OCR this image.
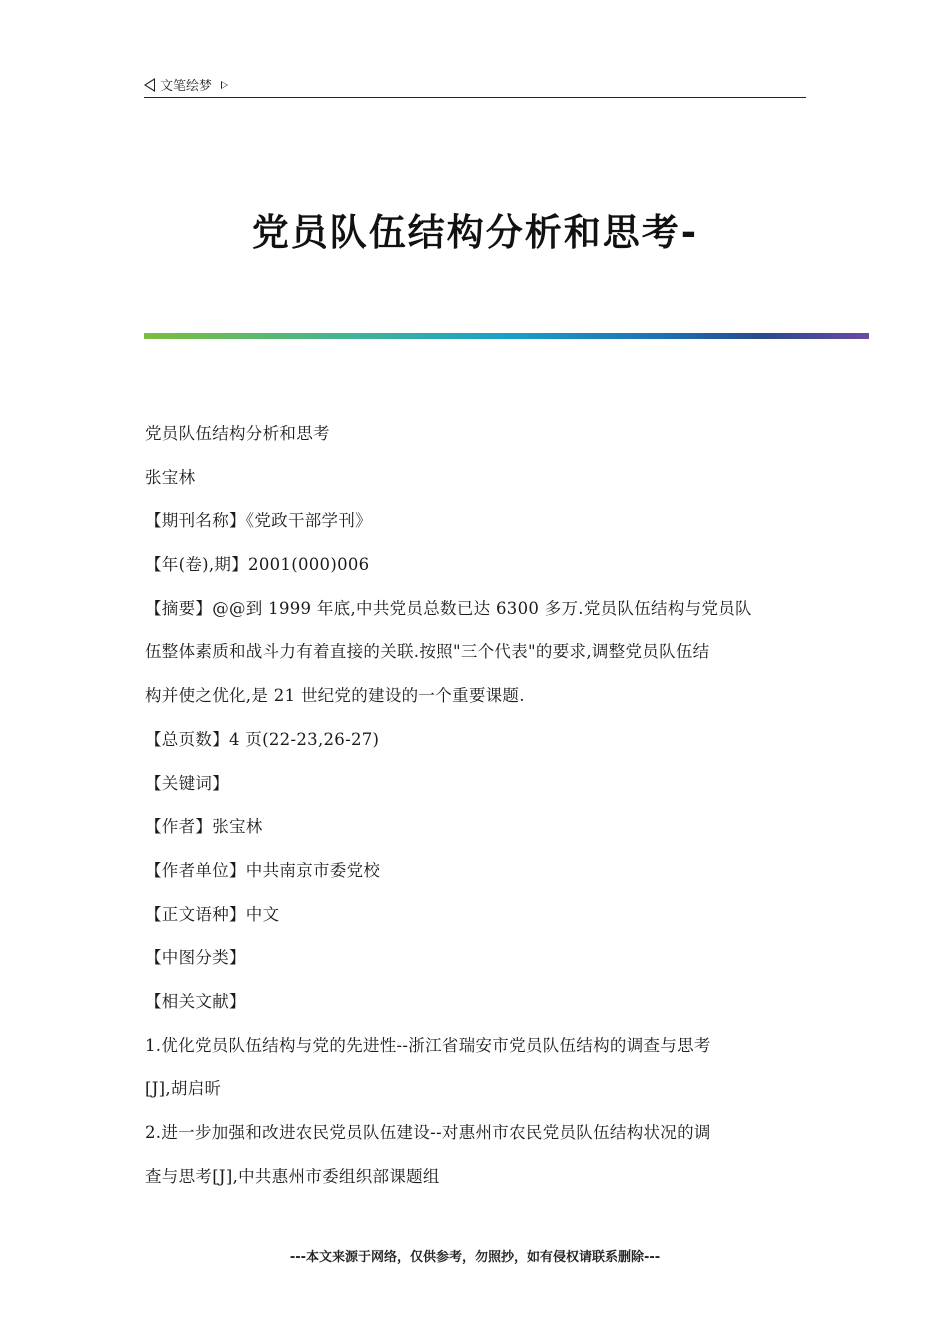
文笔绘梦
党员队伍结构分析和思考-
党员队伍结构分析和思考
张宝林
【期刊名称】《党政干部学刊》
【年(卷),期】2001(000)006
【摘要】@@到 1999 年底,中共党员总数已达 6300 多万.党员队伍结构与党员队
伍整体素质和战斗力有着直接的关联.按照"三个代表"的要求,调整党员队伍结
构并使之优化,是 21 世纪党的建设的一个重要课题.
【总页数】4 页(22-23,26-27)
【关键词】
【作者】张宝林
【作者单位】中共南京市委党校
【正文语种】中文
【中图分类】
【相关文献】
1.优化党员队伍结构与党的先进性--浙江省瑞安市党员队伍结构的调查与思考
[J],胡启昕
2.进一步加强和改进农民党员队伍建设--对惠州市农民党员队伍结构状况的调
查与思考[J],中共惠州市委组织部课题组
---本文来源于网络，仅供参考，勿照抄，如有侵权请联系删除---
